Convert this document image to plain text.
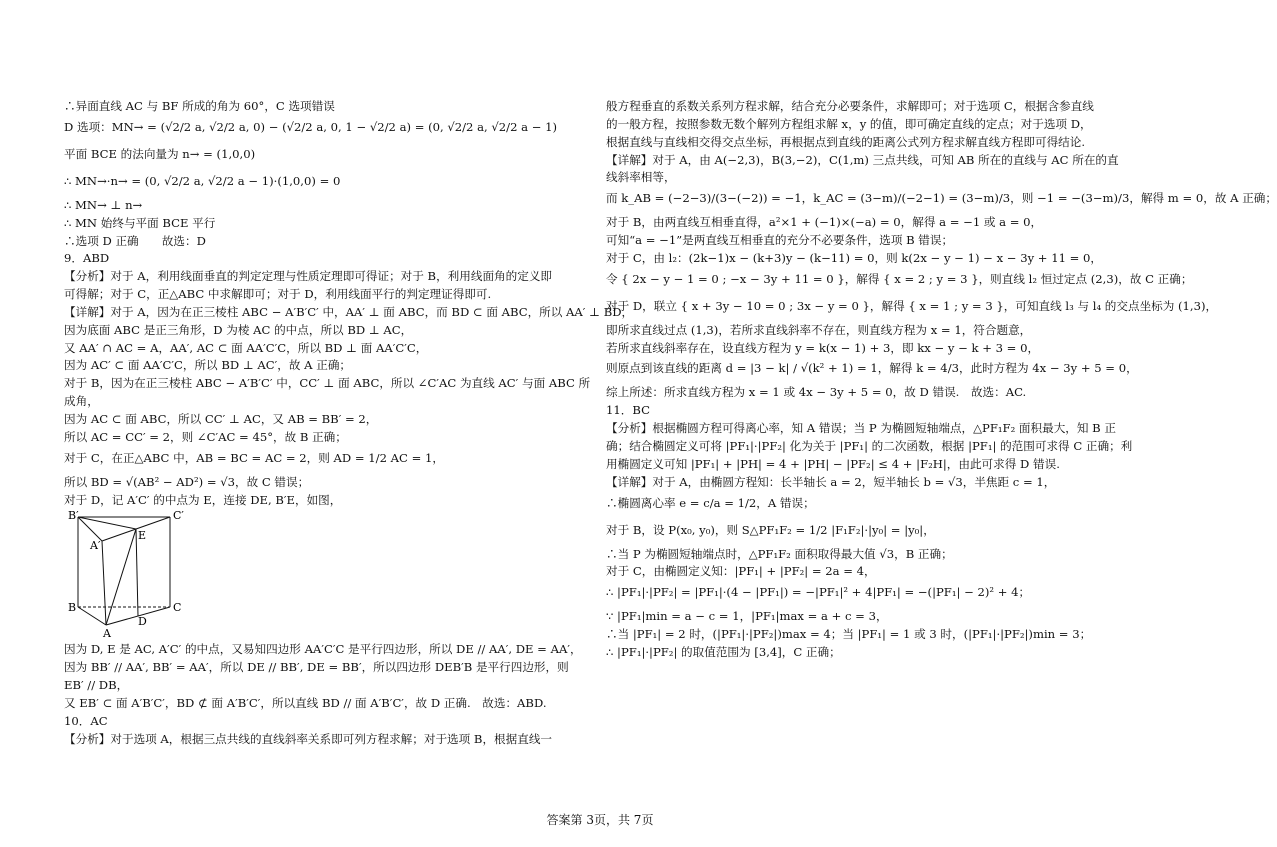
∴异面直线 AC 与 BF 所成的角为 60°，C 选项错误
D 选项：MN→ = (√2/2 a, √2/2 a, 0) − (√2/2 a, 0, 1 − √2/2 a) = (0, √2/2 a, √2/2 a − 1)
平面 BCE 的法向量为 n→ = (1,0,0)
∴ MN→·n→ = (0, √2/2 a, √2/2 a − 1)·(1,0,0) = 0
∴ MN→ ⊥ n→
∴ MN 始终与平面 BCE 平行
∴选项 D 正确　　故选：D
9．ABD
【分析】对于 A，利用线面垂直的判定定理与性质定理即可得证；对于 B，利用线面角的定义即
可得解；对于 C，正△ABC 中求解即可；对于 D，利用线面平行的判定理证得即可.
【详解】对于 A，因为在正三棱柱 ABC − A′B′C′ 中，AA′ ⊥ 面 ABC，而 BD ⊂ 面 ABC，所以 AA′ ⊥ BD，
因为底面 ABC 是正三角形，D 为棱 AC 的中点，所以 BD ⊥ AC，
又 AA′ ∩ AC = A，AA′, AC ⊂ 面 AA′C′C，所以 BD ⊥ 面 AA′C′C，
因为 AC′ ⊂ 面 AA′C′C，所以 BD ⊥ AC′，故 A 正确；
对于 B，因为在正三棱柱 ABC − A′B′C′ 中，CC′ ⊥ 面 ABC，所以 ∠C′AC 为直线 AC′ 与面 ABC 所
成角，
因为 AC ⊂ 面 ABC，所以 CC′ ⊥ AC，又 AB = BB′ = 2，
所以 AC = CC′ = 2，则 ∠C′AC = 45°，故 B 正确；
对于 C，在正△ABC 中，AB = BC = AC = 2，则 AD = 1/2 AC = 1，
所以 BD = √(AB² − AD²) = √3，故 C 错误；
对于 D，记 A′C′ 的中点为 E，连接 DE, B′E，如图，
B′	C′
A′
E
B	C
D
A
因为 D, E 是 AC, A′C′ 的中点，又易知四边形 AA′C′C 是平行四边形，所以 DE // AA′, DE = AA′，
因为 BB′ // AA′, BB′ = AA′，所以 DE // BB′, DE = BB′，所以四边形 DEB′B 是平行四边形，则
EB′ // DB，
又 EB′ ⊂ 面 A′B′C′，BD ⊄ 面 A′B′C′，所以直线 BD // 面 A′B′C′，故 D 正确.　故选：ABD.
10．AC
【分析】对于选项 A，根据三点共线的直线斜率关系即可列方程求解；对于选项 B，根据直线一
般方程垂直的系数关系列方程求解，结合充分必要条件，求解即可；对于选项 C，根据含参直线
的一般方程，按照参数无数个解列方程组求解 x，y 的值，即可确定直线的定点；对于选项 D，
根据直线与直线相交得交点坐标，再根据点到直线的距离公式列方程求解直线方程即可得结论.
【详解】对于 A，由 A(−2,3)，B(3,−2)，C(1,m) 三点共线，可知 AB 所在的直线与 AC 所在的直
线斜率相等，
而 k_AB = (−2−3)/(3−(−2)) = −1，k_AC = (3−m)/(−2−1) = (3−m)/3，则 −1 = −(3−m)/3，解得 m = 0，故 A 正确；
对于 B，由两直线互相垂直得，a²×1 + (−1)×(−a) = 0，解得 a = −1 或 a = 0，
可知“a = −1”是两直线互相垂直的充分不必要条件，选项 B 错误；
对于 C，由 l₂：(2k−1)x − (k+3)y − (k−11) = 0，则 k(2x − y − 1) − x − 3y + 11 = 0，
令 { 2x − y − 1 = 0 ; −x − 3y + 11 = 0 }，解得 { x = 2 ; y = 3 }，则直线 l₂ 恒过定点 (2,3)，故 C 正确；
对于 D，联立 { x + 3y − 10 = 0 ; 3x − y = 0 }，解得 { x = 1 ; y = 3 }，可知直线 l₃ 与 l₄ 的交点坐标为 (1,3)，
即所求直线过点 (1,3)，若所求直线斜率不存在，则直线方程为 x = 1，符合题意，
若所求直线斜率存在，设直线方程为 y = k(x − 1) + 3，即 kx − y − k + 3 = 0，
则原点到该直线的距离 d = |3 − k| / √(k² + 1) = 1，解得 k = 4/3，此时方程为 4x − 3y + 5 = 0，
综上所述：所求直线方程为 x = 1 或 4x − 3y + 5 = 0，故 D 错误.　故选：AC.
11．BC
【分析】根据椭圆方程可得离心率，知 A 错误；当 P 为椭圆短轴端点，△PF₁F₂ 面积最大，知 B 正
确；结合椭圆定义可将 |PF₁|·|PF₂| 化为关于 |PF₁| 的二次函数，根据 |PF₁| 的范围可求得 C 正确；利
用椭圆定义可知 |PF₁| + |PH| = 4 + |PH| − |PF₂| ≤ 4 + |F₂H|，由此可求得 D 错误.
【详解】对于 A，由椭圆方程知：长半轴长 a = 2，短半轴长 b = √3，半焦距 c = 1，
∴椭圆离心率 e = c/a = 1/2，A 错误；
对于 B，设 P(x₀, y₀)，则 S△PF₁F₂ = 1/2 |F₁F₂|·|y₀| = |y₀|，
∴当 P 为椭圆短轴端点时，△PF₁F₂ 面积取得最大值 √3，B 正确；
对于 C，由椭圆定义知：|PF₁| + |PF₂| = 2a = 4，
∴ |PF₁|·|PF₂| = |PF₁|·(4 − |PF₁|) = −|PF₁|² + 4|PF₁| = −(|PF₁| − 2)² + 4；
∵ |PF₁|min = a − c = 1，|PF₁|max = a + c = 3，
∴当 |PF₁| = 2 时，(|PF₁|·|PF₂|)max = 4；当 |PF₁| = 1 或 3 时，(|PF₁|·|PF₂|)min = 3；
∴ |PF₁|·|PF₂| 的取值范围为 [3,4]，C 正确；
答案第 3页，共 7页
